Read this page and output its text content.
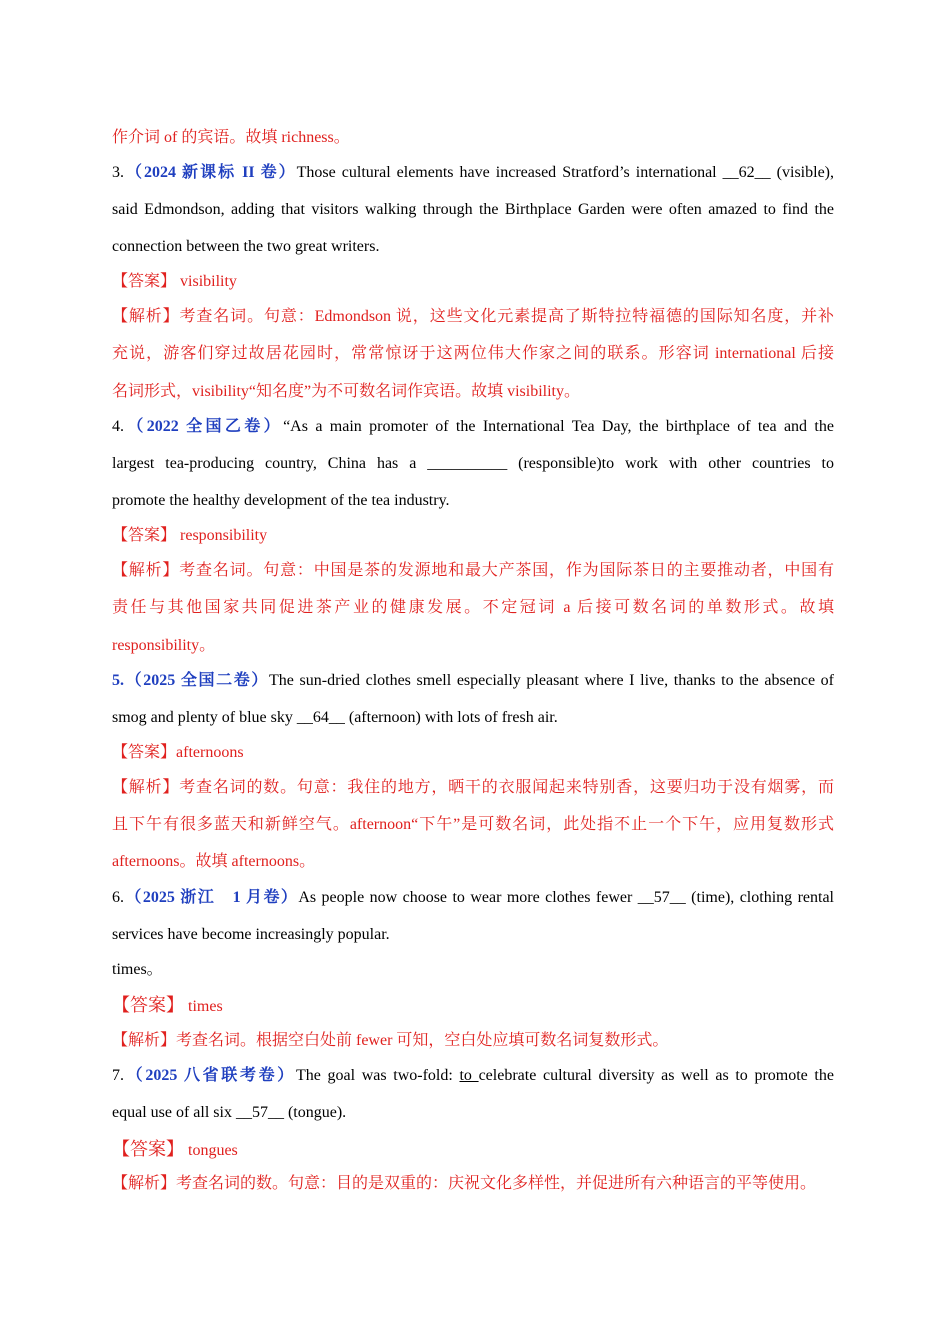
作介词 of 的宾语。故填 richness。
3.（2024 新课标 II 卷）Those cultural elements have increased Stratford’s international __62__ (visible),
said Edmondson, adding that visitors walking through the Birthplace Garden were often amazed to find the
connection between the two great writers.
【答案】 visibility
【解析】考查名词。句意：Edmondson 说，这些文化元素提高了斯特拉特福德的国际知名度，并补
充说，游客们穿过故居花园时，常常惊讶于这两位伟大作家之间的联系。形容词 international 后接
名词形式，visibility“知名度”为不可数名词作宾语。故填 visibility。
4.（2022 全国乙卷）“As a main promoter of the International Tea Day, the birthplace of tea and the
largest tea-producing country, China has a __________ (responsible)to work with other countries to
promote the healthy development of the tea industry.
【答案】 responsibility
【解析】考查名词。句意：中国是茶的发源地和最大产茶国，作为国际茶日的主要推动者，中国有
责任与其他国家共同促进茶产业的健康发展。不定冠词 a 后接可数名词的单数形式。故填
responsibility。
5.（2025 全国二卷）The sun-dried clothes smell especially pleasant where I live, thanks to the absence of
smog and plenty of blue sky __64__ (afternoon) with lots of fresh air.
【答案】afternoons
【解析】考查名词的数。句意：我住的地方，晒干的衣服闻起来特别香，这要归功于没有烟雾，而
且下午有很多蓝天和新鲜空气。afternoon“下午”是可数名词，此处指不止一个下午，应用复数形式
afternoons。故填 afternoons。
6.（2025 浙江　1 月卷）As people now choose to wear more clothes fewer __57__ (time), clothing rental
services have become increasingly popular.
times。
【答案】 times
【解析】考查名词。根据空白处前 fewer 可知，空白处应填可数名词复数形式。
7.（2025 八省联考卷）The goal was two-fold: to celebrate cultural diversity as well as to promote the
equal use of all six __57__ (tongue).
【答案】 tongues
【解析】考查名词的数。句意：目的是双重的：庆祝文化多样性，并促进所有六种语言的平等使用。
